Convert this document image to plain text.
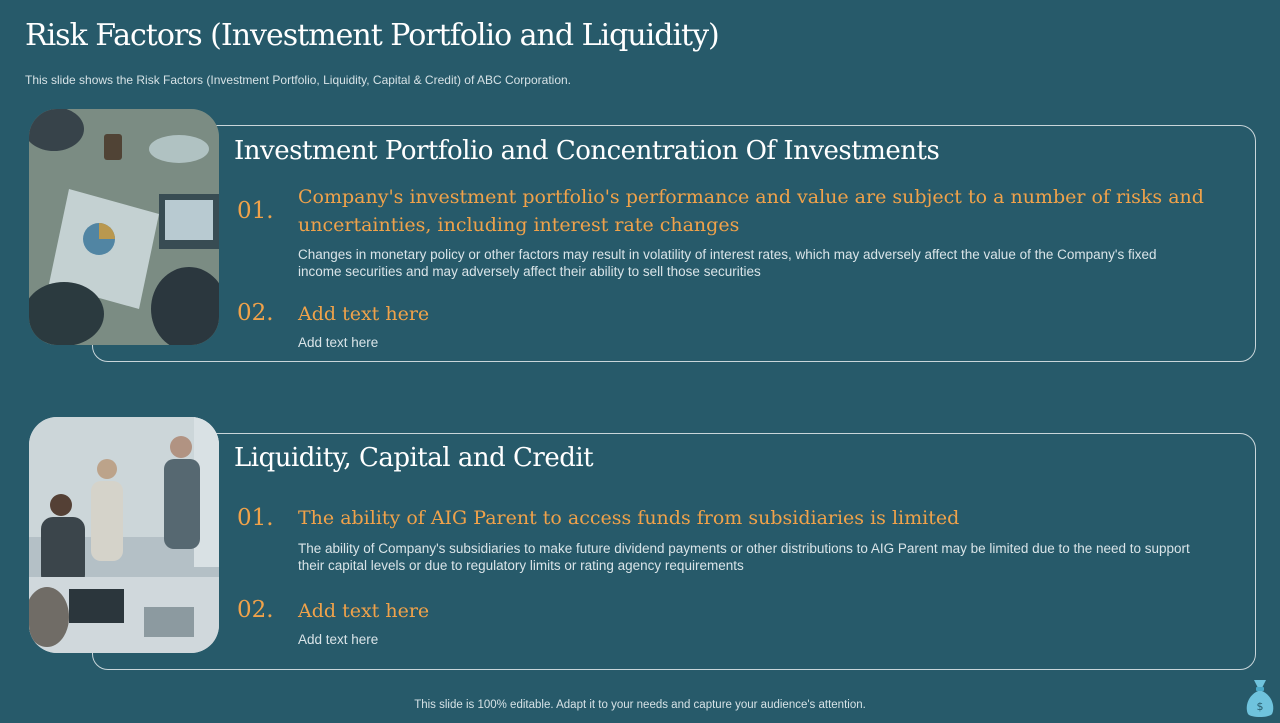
Risk Factors (Investment Portfolio and Liquidity)
This slide shows the Risk Factors (Investment Portfolio, Liquidity, Capital & Credit) of ABC Corporation.
Investment Portfolio and Concentration Of Investments
01.
Company's investment portfolio's performance and value are subject to a number of risks and uncertainties, including interest rate changes
Changes in monetary policy or other factors may result in volatility of interest rates, which may adversely affect the value of the Company's fixed income securities and may adversely affect their ability to sell those securities
02. Add text here
Add text here
Liquidity, Capital and Credit
01. The ability of AIG Parent to access funds from subsidiaries is limited
The ability of Company's subsidiaries to make future dividend payments or other distributions to AIG Parent may be limited due to the need to support their capital levels or due to regulatory limits or rating agency requirements
02. Add text here
Add text here
This slide is 100% editable. Adapt it to your needs and capture your audience's attention.	$
